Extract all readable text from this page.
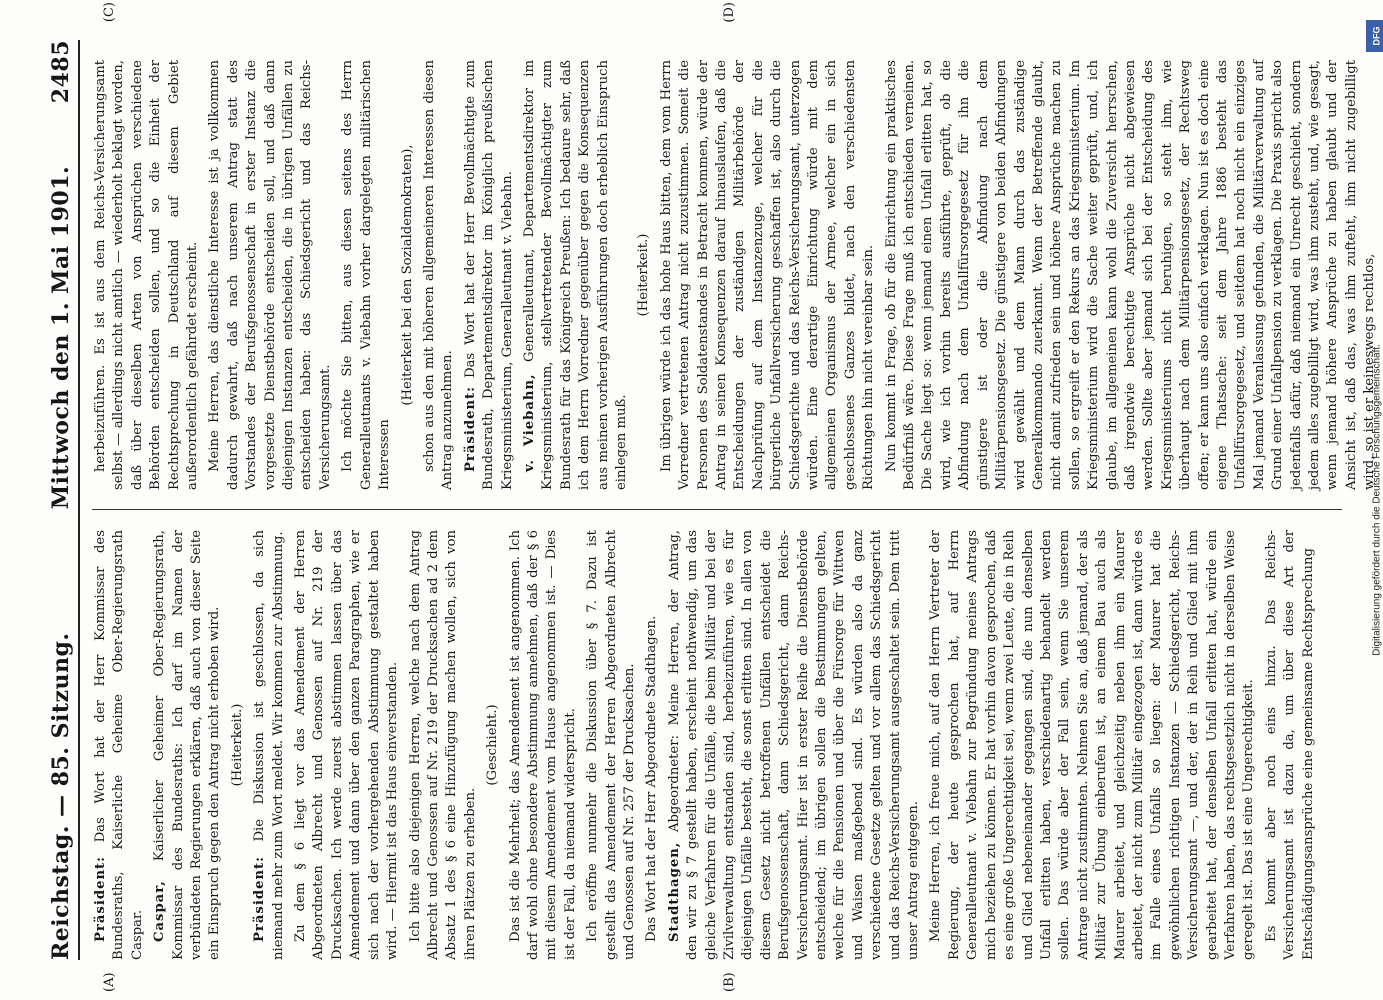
Reichstag. — 85. Sitzung.
Mittwoch den 1. Mai 1901.
2485
(A)	(B)
(C)	(D)

Präsident: Das Wort hat der Herr Kommissar des Bundesraths, Kaiserliche Geheime Ober-Regierungsrath Caspar. Caspar, Kaiserlicher Geheimer Ober-Regierungsrath, Kommissar des Bundesraths: Ich darf im Namen der verbündeten Regierungen erklären, daß auch von dieser Seite ein Einspruch gegen den Antrag nicht erhoben wird. (Heiterkeit.)

Präsident: Die Diskussion ist geschlossen, da sich niemand mehr zum Wort meldet. Wir kommen zur Abstimmung. Zu dem § 6 liegt vor das Amendement der Herren Abgeordneten Albrecht und Genossen auf Nr. 219 der Drucksachen. Ich werde zuerst abstimmen lassen über das Amendement und dann über den ganzen Paragraphen, wie er sich nach der vorhergehenden Abstimmung gestaltet haben wird. — Hiermit ist das Haus einverstanden. Ich bitte also diejenigen Herren, welche nach dem Antrag Albrecht und Genossen auf Nr. 219 der Drucksachen ad 2 dem Absatz 1 des § 6 eine Hinzufügung machen wollen, sich von ihren Plätzen zu erheben.

(Geschieht.) Das ist die Mehrheit; das Amendement ist angenommen. Ich darf wohl ohne besondere Abstimmung annehmen, daß der § 6 mit diesem Amendement vom Hause angenommen ist. — Dies ist der Fall, da niemand widerspricht. Ich eröffne nunmehr die Diskussion über § 7. Dazu ist gestellt das Amendement der Herren Abgeordneten Albrecht und Genossen auf Nr. 257 der Drucksachen. Das Wort hat der Herr Abgeordnete Stadthagen. Stadthagen, Abgeordneter: Meine Herren, der Antrag, den wir zu § 7 gestellt haben, erscheint nothwendig, um das gleiche Verfahren für die Unfälle, die beim Militär und bei der Zivilverwaltung entstanden sind, herbeizuführen, wie es für diejenigen Unfälle besteht, die sonst erlitten sind. In allen von diesem Gesetz nicht betroffenen Unfällen entscheidet die Berufsgenossenschaft, dann Schiedsgericht, dann Reichs-Versicherungsamt. Hier ist in erster Reihe die Dienstbehörde entscheidend; im übrigen sollen die Bestimmungen gelten, welche für die Pensionen und über die Fürsorge für Wittwen und Waisen maßgebend sind. Es würden also da ganz verschiedene Gesetze gelten und vor allem das Schiedsgericht und das Reichs-Versicherungsamt ausgeschaltet sein. Dem tritt unser Antrag entgegen. Meine Herren, ich freue mich, auf den Herrn Vertreter der Regierung, der heute gesprochen hat, auf Herrn Generalleutnant v. Viebahn zur Begründung meines Antrags mich beziehen zu können. Er hat vorhin davon gesprochen, daß es eine große Ungerechtigkeit sei, wenn zwei Leute, die in Reih und Glied nebeneinander gegangen sind, die nun denselben Unfall erlitten haben, verschiedenartig behandelt werden sollen. Das würde aber der Fall sein, wenn Sie unserem Antrage nicht zustimmten. Nehmen Sie an, daß jemand, der als Militär zur Übung einberufen ist, an einem Bau auch als Maurer arbeitet, und gleichzeitig neben ihm ein Maurer arbeitet, der nicht zum Militär eingezogen ist, dann würde es im Falle eines Unfalls so liegen: der Maurer hat die gewöhnlichen richtigen Instanzen — Schiedsgericht, Reichs-Versicherungsamt —, und der, der in Reih und Glied mit ihm gearbeitet hat, der denselben Unfall erlitten hat, würde ein Verfahren haben, das rechtsgesetzlich nicht in derselben Weise geregelt ist. Das ist eine Ungerechtigkeit. Es kommt aber noch eins hinzu. Das Reichs-Versicherungsamt ist dazu da, um über diese Art der Entschädigungsansprüche eine gemeinsame Rechtsprechung

herbeizuführen. Es ist aus dem Reichs-Versicherungsamt selbst — allerdings nicht amtlich — wiederholt beklagt worden, daß über dieselben Arten von Ansprüchen verschiedene Behörden entscheiden sollen, und so die Einheit der Rechtsprechung in Deutschland auf diesem Gebiet außerordentlich gefährdet erscheint. Meine Herren, das dienstliche Interesse ist ja vollkommen dadurch gewahrt, daß nach unserem Antrag statt des Vorstandes der Berufsgenossenschaft in erster Instanz die vorgesetzte Dienstbehörde entscheiden soll, und daß dann diejenigen Instanzen entscheiden, die in übrigen Unfällen zu entscheiden haben: das Schiedsgericht und das Reichs-Versicherungsamt. Ich möchte Sie bitten, aus diesen seitens des Herrn Generalleutnants v. Viebahn vorher dargelegten militärischen Interessen

(Heiterkeit bei den Sozialdemokraten), schon aus den mit höheren allgemeineren Interessen diesen Antrag anzunehmen. Präsident: Das Wort hat der Herr Bevollmächtigte zum Bundesrath, Departementsdirektor im Königlich preußischen Kriegsministerium, Generalleutnant v. Viebahn. v. Viebahn, Generalleutnant, Departementsdirektor im Kriegsministerium, stellvertretender Bevollmächtigter zum Bundesrath für das Königreich Preußen: Ich bedaure sehr, daß ich dem Herrn Vorredner gegenüber gegen die Konsequenzen aus meinen vorherigen Ausführungen doch erheblich Einspruch einlegen muß.

(Heiterkeit.) Im übrigen würde ich das hohe Haus bitten, dem vom Herrn Vorredner vertretenen Antrag nicht zuzustimmen. Someit die Personen des Soldatenstandes in Betracht kommen, würde der Antrag in seinen Konsequenzen darauf hinauslaufen, daß die Entscheidungen der zuständigen Militärbehörde der Nachprüfung auf dem Instanzenzuge, welcher für die bürgerliche Unfallversicherung geschaffen ist, also durch die Schiedsgerichte und das Reichs-Versicherungsamt, unterzogen würden. Eine derartige Einrichtung würde mit dem allgemeinen Organismus der Armee, welcher ein in sich geschlossenes Ganzes bildet, nach den verschiedensten Richtungen hin nicht vereinbar sein. Nun kommt in Frage, ob für die Einrichtung ein praktisches Bedürfniß wäre. Diese Frage muß ich entschieden verneinen. Die Sache liegt so: wenn jemand einen Unfall erlitten hat, so wird, wie ich vorhin bereits ausführte, geprüft, ob die Abfindung nach dem Unfallfürsorgegesetz für ihn die günstigere ist oder die Abfindung nach dem Militärpensionsgesetz. Die günstigere von beiden Abfindungen wird gewählt und dem Mann durch das zuständige Generalkommando zuerkannt. Wenn der Betreffende glaubt, nicht damit zufrieden sein und höhere Ansprüche machen zu sollen, so ergreift er den Rekurs an das Kriegsministerium. Im Kriegsministerium wird die Sache weiter geprüft, und, ich glaube, im allgemeinen kann wohl die Zuversicht herrschen, daß irgendwie berechtigte Ansprüche nicht abgewiesen werden. Sollte aber jemand sich bei der Entscheidung des Kriegsministeriums nicht beruhigen, so steht ihm, wie überhaupt nach dem Militärpensionsgesetz, der Rechtsweg offen; er kann uns also einfach verklagen. Nun ist es doch eine eigene Thatsache: seit dem Jahre 1886 besteht das Unfallfürsorgegesetz, und seitdem hat noch nicht ein einziges Mal jemand Veranlassung gefunden, die Militärverwaltung auf Grund einer Unfallpension zu verklagen. Die Praxis spricht also jedenfalls dafür, daß niemand ein Unrecht geschieht, sondern jedem alles zugebilligt wird, was ihm zusteht, und, wie gesagt, wenn jemand höhere Ansprüche zu haben glaubt und der Ansicht ist, daß das, was ihm zufteht, ihm nicht zugebilligt wird, so ist er keineswegs rechtlos,

DFG
Digitalisierung gefördert durch die Deutsche Forschungsgemeinschaft.
